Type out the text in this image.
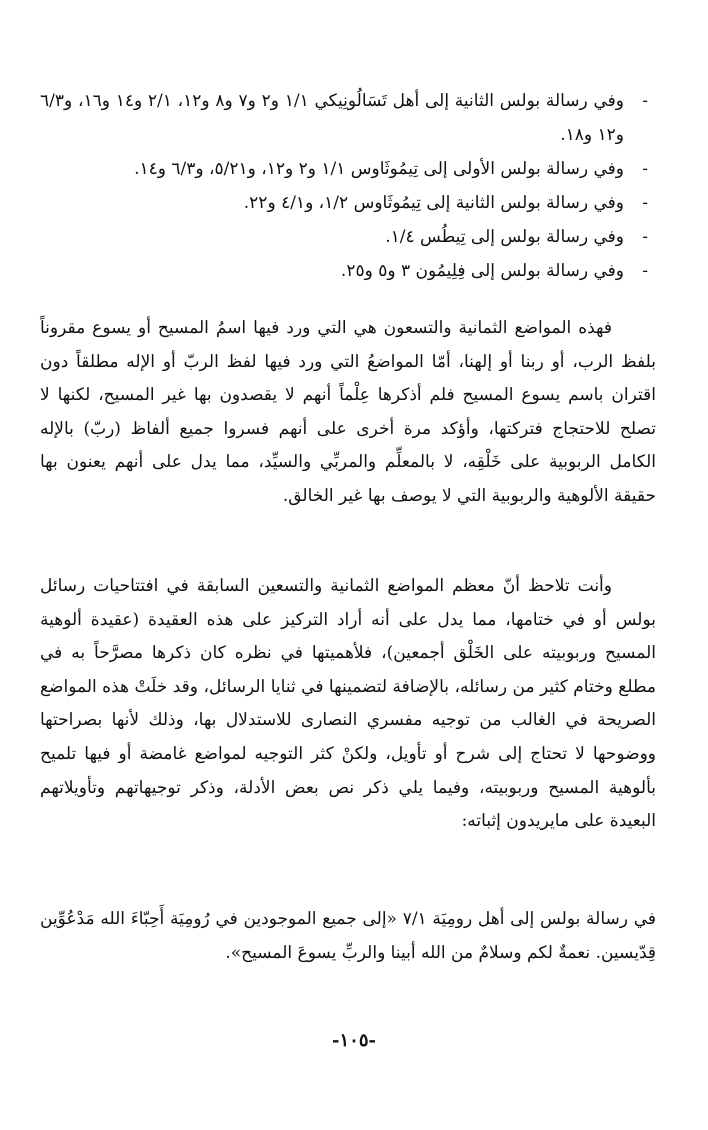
-
وفي رسالة بولس الثانية إلى أهل تَسَالُونِيكي ١/١ و٢ و٧ و٨ و١٢، ٢/١ و١٤ و١٦، و٦/٣ و١٢ و١٨.
-
وفي رسالة بولس الأولى إلى تِيمُوثَاوس ١/١ و٢ و١٢، و٥/٢١، و٦/٣ و١٤.
-
وفي رسالة بولس الثانية إلى تِيمُوثَاوس ١/٢، و٤/١ و٢٢.
-
وفي رسالة بولس إلى تِيطُس ١/٤.
-
وفي رسالة بولس إلى فِلِيمُون ٣ و٥ و٢٥.

فهذه المواضع الثمانية والتسعون هي التي ورد فيها اسمُ المسيح أو يسوع مقروناً بلفظ الرب، أو ربنا أو إلهنا، أمّا المواضعُ التي ورد فيها لفظ الربّ أو الإله مطلقاً دون اقتران باسم يسوع المسيح فلم أذكرها عِلْماً أنهم لا يقصدون بها غير المسيح، لكنها لا تصلح للاحتجاج فتركتها، وأؤكد مرة أخرى على أنهم فسروا جميع ألفاظ (ربّ) بالإله الكامل الربوبية على خَلْقِه، لا بالمعلِّم والمربِّي والسيِّد، مما يدل على أنهم يعنون بها حقيقة الألوهية والربوبية التي لا يوصف بها غير الخالق.

وأنت تلاحظ أنّ معظم المواضع الثمانية والتسعين السابقة في افتتاحيات رسائل بولس أو في ختامها، مما يدل على أنه أراد التركيز على هذه العقيدة (عقيدة ألوهية المسيح وربوبيته على الخَلْق أجمعين)، فلأهميتها في نظره كان ذكرها مصرَّحاً به في مطلع وختام كثير من رسائله، بالإضافة لتضمينها في ثنايا الرسائل، وقد خلَتْ هذه المواضع الصريحة في الغالب من توجيه مفسري النصارى للاستدلال بها، وذلك لأنها بصراحتها ووضوحها لا تحتاج إلى شرح أو تأويل، ولكنْ كثر التوجيه لمواضع غامضة أو فيها تلميح بألوهية المسيح وربوبيته، وفيما يلي ذكر نص بعض الأدلة، وذكر توجيهاتهم وتأويلاتهم البعيدة على مايريدون إثباته:

في رسالة بولس إلى أهل رومِيَة ٧/١ «إلى جميع الموجودين في رُومِيَة أَحِبّاءَ الله مَدْعُوِّين قِدّيسين. نعمةٌ لكم وسلامٌ من الله أبينا والربِّ يسوعَ المسيح».

-١٠٥-
